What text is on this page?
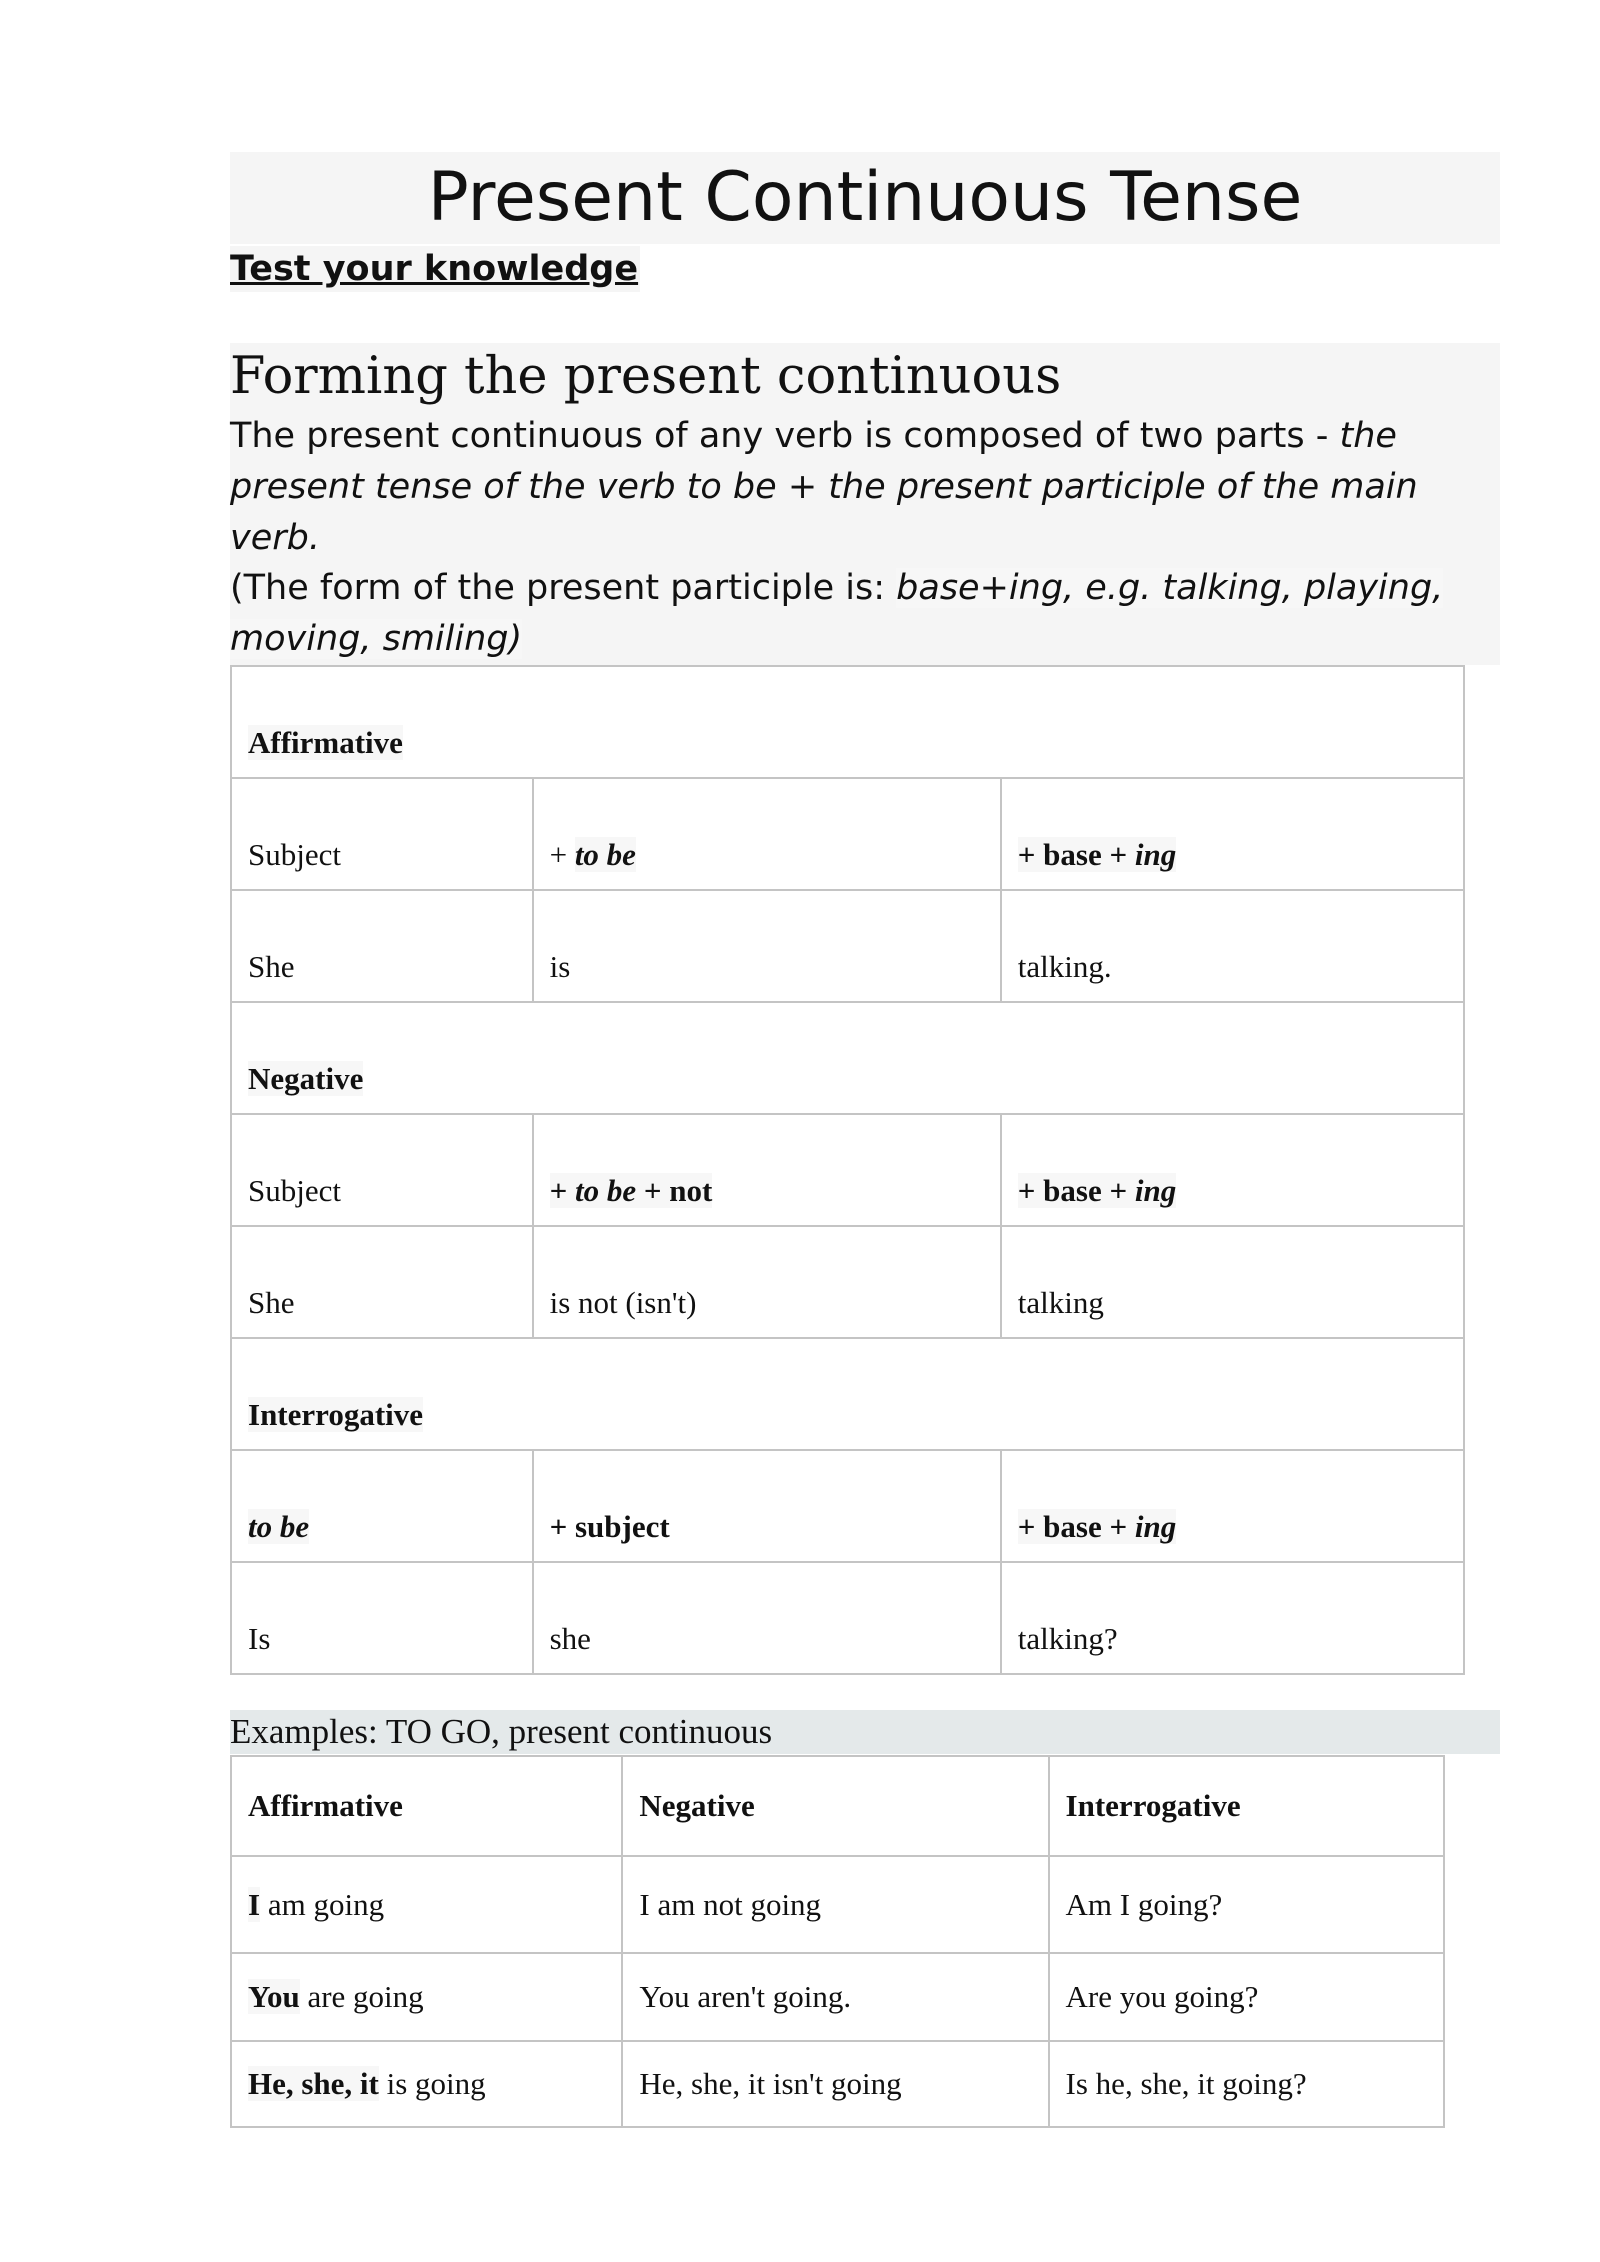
Present Continuous Tense
Test your knowledge
Forming the present continuous
The present continuous of any verb is composed of two parts - the present tense of the verb to be + the present participle of the main verb.
(The form of the present participle is: base+ing, e.g. talking, playing, moving, smiling)
Affirmative		
Subject	+ to be	+ base + ing
She	is	talking.
Negative		
Subject	+ to be + not	+ base + ing
She	is not (isn't)	talking
Interrogative		
to be	+ subject	+ base + ing
Is	she	talking?
Examples: TO GO, present continuous
Affirmative	Negative	Interrogative
I am going	I am not going	Am I going?
You are going	You aren't going.	Are you going?
He, she, it is going	He, she, it isn't going	Is he, she, it going?
